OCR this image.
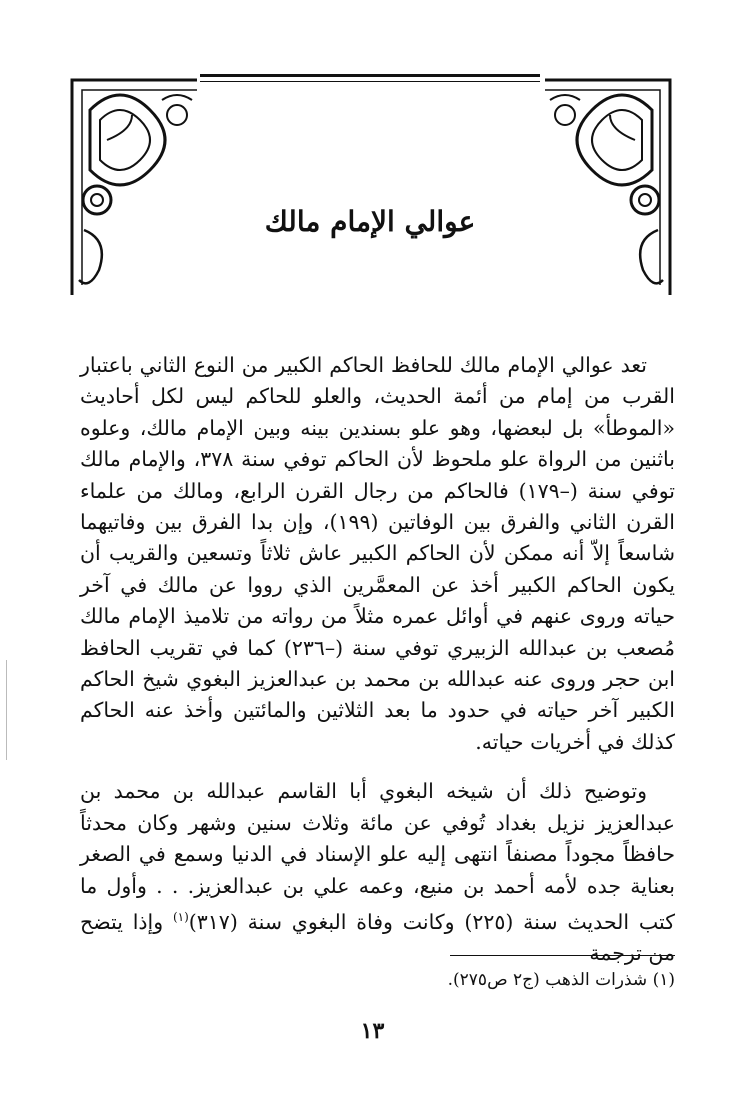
عوالي الإمام مالك

تعد عوالي الإمام مالك للحافظ الحاكم الكبير من النوع الثاني باعتبار القرب من إمام من أئمة الحديث، والعلو للحاكم ليس لكل أحاديث «الموطأ» بل لبعضها، وهو علو بسندين بينه وبين الإمام مالك، وعلوه باثنين من الرواة علو ملحوظ لأن الحاكم توفي سنة ٣٧٨، والإمام مالك توفي سنة (–١٧٩) فالحاكم من رجال القرن الرابع، ومالك من علماء القرن الثاني والفرق بين الوفاتين (١٩٩)، وإن بدا الفرق بين وفاتيهما شاسعاً إلاّ أنه ممكن لأن الحاكم الكبير عاش ثلاثاً وتسعين والقريب أن يكون الحاكم الكبير أخذ عن المعمَّرين الذي رووا عن مالك في آخر حياته وروى عنهم في أوائل عمره مثلاً من رواته من تلاميذ الإمام مالك مُصعب بن عبدالله الزبيري توفي سنة (–٢٣٦) كما في تقريب الحافظ ابن حجر وروى عنه عبدالله بن محمد بن عبدالعزيز البغوي شيخ الحاكم الكبير آخر حياته في حدود ما بعد الثلاثين والمائتين وأخذ عنه الحاكم كذلك في أخريات حياته.

وتوضيح ذلك أن شيخه البغوي أبا القاسم عبدالله بن محمد بن عبدالعزيز نزيل بغداد تُوفي عن مائة وثلاث سنين وشهر وكان محدثاً حافظاً مجوداً مصنفاً انتهى إليه علو الإسناد في الدنيا وسمع في الصغر بعناية جده لأمه أحمد بن منيع، وعمه علي بن عبدالعزيز. . . وأول ما كتب الحديث سنة (٢٢٥) وكانت وفاة البغوي سنة (٣١٧)$^{(١)}$ وإذا يتضح من ترجمة

(١) شذرات الذهب (ج٢ ص٢٧٥).
١٣
